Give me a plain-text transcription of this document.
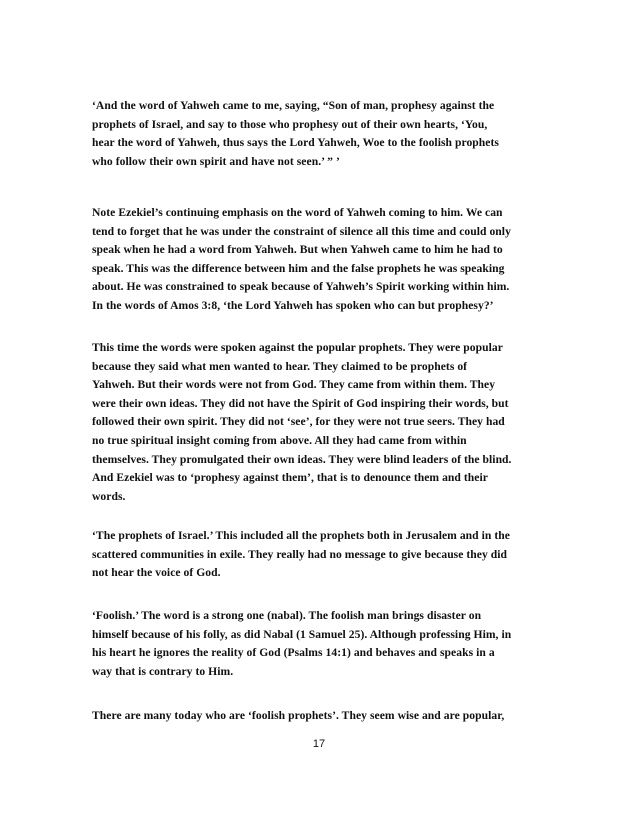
‘And the word of Yahweh came to me, saying, “Son of man, prophesy against the
prophets of Israel, and say to those who prophesy out of their own hearts, ‘You,
hear the word of Yahweh, thus says the Lord Yahweh, Woe to the foolish prophets
who follow their own spirit and have not seen.’ ” ’

Note Ezekiel’s continuing emphasis on the word of Yahweh coming to him. We can
tend to forget that he was under the constraint of silence all this time and could only
speak when he had a word from Yahweh. But when Yahweh came to him he had to
speak. This was the difference between him and the false prophets he was speaking
about. He was constrained to speak because of Yahweh’s Spirit working within him.
In the words of Amos 3:8, ‘the Lord Yahweh has spoken who can but prophesy?’

This time the words were spoken against the popular prophets. They were popular
because they said what men wanted to hear. They claimed to be prophets of
Yahweh. But their words were not from God. They came from within them. They
were their own ideas. They did not have the Spirit of God inspiring their words, but
followed their own spirit. They did not ‘see’, for they were not true seers. They had
no true spiritual insight coming from above. All they had came from within
themselves. They promulgated their own ideas. They were blind leaders of the blind.
And Ezekiel was to ‘prophesy against them’, that is to denounce them and their
words.

‘The prophets of Israel.’ This included all the prophets both in Jerusalem and in the
scattered communities in exile. They really had no message to give because they did
not hear the voice of God.

‘Foolish.’ The word is a strong one (nabal). The foolish man brings disaster on
himself because of his folly, as did Nabal (1 Samuel 25). Although professing Him, in
his heart he ignores the reality of God (Psalms 14:1) and behaves and speaks in a
way that is contrary to Him.

There are many today who are ‘foolish prophets’. They seem wise and are popular,

17
